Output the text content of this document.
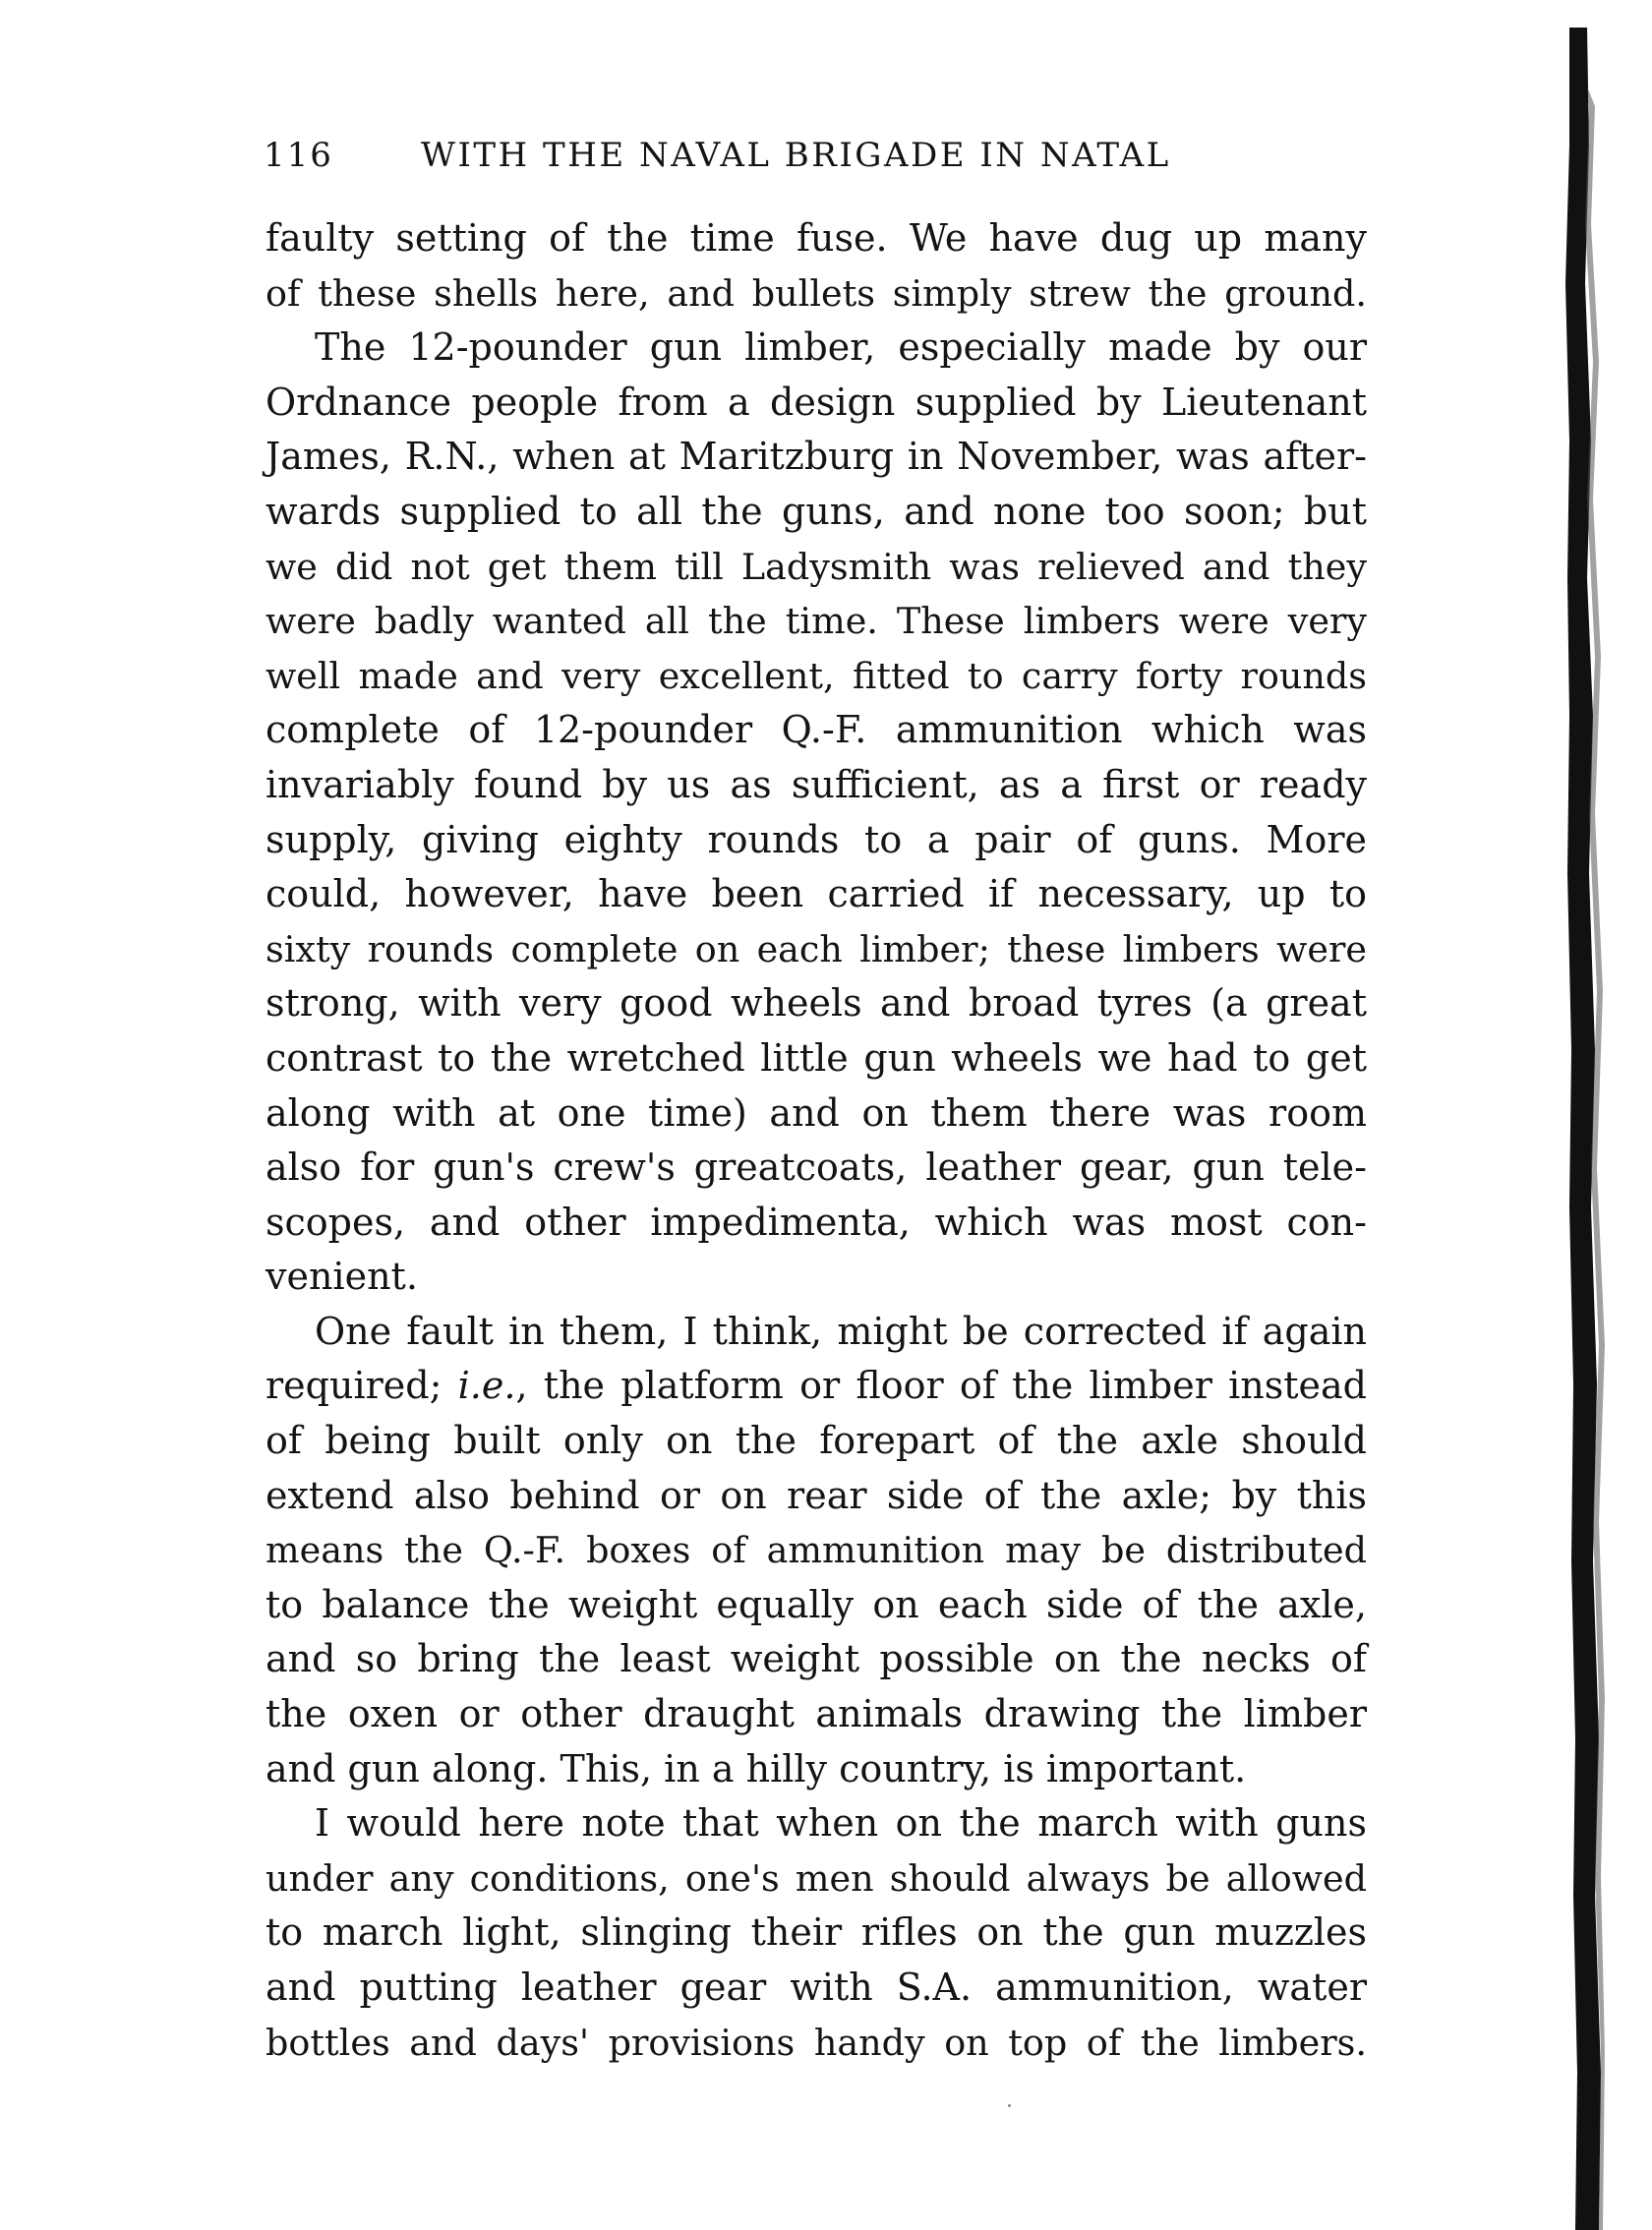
116	WITH THE NAVAL BRIGADE IN NATAL
faulty setting of the time fuse. We have dug up many
of these shells here, and bullets simply strew the ground.
The 12-pounder gun limber, especially made by our
Ordnance people from a design supplied by Lieutenant
James, R.N., when at Maritzburg in November, was after-
wards supplied to all the guns, and none too soon; but
we did not get them till Ladysmith was relieved and they
were badly wanted all the time. These limbers were very
well made and very excellent, fitted to carry forty rounds
complete of 12-pounder Q.-F. ammunition which was
invariably found by us as sufficient, as a first or ready
supply, giving eighty rounds to a pair of guns. More
could, however, have been carried if necessary, up to
sixty rounds complete on each limber; these limbers were
strong, with very good wheels and broad tyres (a great
contrast to the wretched little gun wheels we had to get
along with at one time) and on them there was room
also for gun's crew's greatcoats, leather gear, gun tele-
scopes, and other impedimenta, which was most con-
venient.
One fault in them, I think, might be corrected if again
required; i.e., the platform or floor of the limber instead
of being built only on the forepart of the axle should
extend also behind or on rear side of the axle; by this
means the Q.-F. boxes of ammunition may be distributed
to balance the weight equally on each side of the axle,
and so bring the least weight possible on the necks of
the oxen or other draught animals drawing the limber
and gun along. This, in a hilly country, is important.
I would here note that when on the march with guns
under any conditions, one's men should always be allowed
to march light, slinging their rifles on the gun muzzles
and putting leather gear with S.A. ammunition, water
bottles and days' provisions handy on top of the limbers.
